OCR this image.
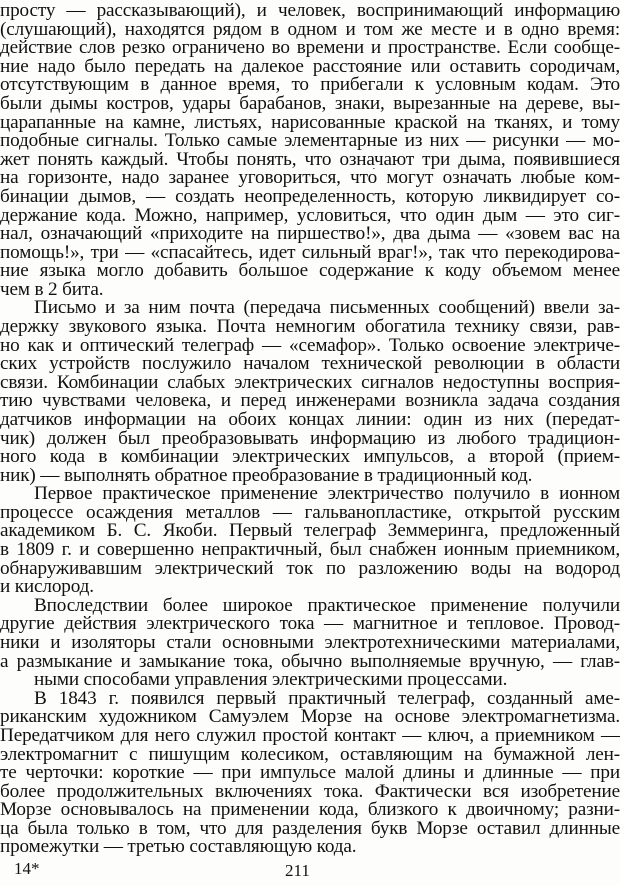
просту — рассказывающий), и человек, воспринимающий информацию
(слушающий), находятся рядом в одном и том же месте и в одно время:
действие слов резко ограничено во времени и пространстве. Если сообще-
ние надо было передать на далекое расстояние или оставить сородичам,
отсутствующим в данное время, то прибегали к условным кодам. Это
были дымы костров, удары барабанов, знаки, вырезанные на дереве, вы-
царапанные на камне, листьях, нарисованные краской на тканях, и тому
подобные сигналы. Только самые элементарные из них — рисунки — мо-
жет понять каждый. Чтобы понять, что означают три дыма, появившиеся
на горизонте, надо заранее уговориться, что́ могут означать любые ком-
бинации дымов, — создать неопределенность, которую ликвидирует со-
держание кода. Можно, например, условиться, что один дым — это сиг-
нал, означающий «приходите на пиршество!», два дыма — «зовем вас на
помощь!», три — «спасайтесь, идет сильный враг!», так что перекодирова-
ние языка могло добавить большое содержание к коду объемом менее
чем в 2 бита.
Письмо и за ним почта (передача письменных сообщений) ввели за-
держку звукового языка. Почта немногим обогатила технику связи, рав-
но как и оптический телеграф — «семафор». Только освоение электриче-
ских устройств послужило началом технической революции в области
связи. Комбинации слабых электрических сигналов недоступны восприя-
тию чувствами человека, и перед инженерами возникла задача создания
датчиков информации на обоих концах линии: один из них (передат-
чик) должен был преобразовывать информацию из любого традицион-
ного кода в комбинации электрических импульсов, а второй (прием-
ник) — выполнять обратное преобразование в традиционный код.
Первое практическое применение электричество получило в ионном
процессе осаждения металлов — гальванопластике, открытой русским
академиком Б. С. Якоби. Первый телеграф Земмеринга, предложенный
в 1809 г. и совершенно непрактичный, был снабжен ионным приемником,
обнаруживавшим электрический ток по разложению воды на водород
и кислород.
Впоследствии более широкое практическое применение получили
другие действия электрического тока — магнитное и тепловое. Провод-
ники и изоляторы стали основными электротехническими материалами,
а размыкание и замыкание тока, обычно выполняемые вручную, — глав-
ными способами управления электрическими процессами.
В 1843 г. появился первый практичный телеграф, созданный аме-
риканским художником Самуэлем Морзе на основе электромагнетизма.
Передатчиком для него служил простой контакт — ключ, а приемником —
электромагнит с пишущим колесиком, оставляющим на бумажной лен-
те черточки: короткие — при импульсе малой длины и длинные — при
более продолжительных включениях тока. Фактически вся изобретение
Морзе основывалось на применении кода, близкого к двоичному; разни-
ца была только в том, что для разделения букв Морзе оставил длинные
промежутки — третью составляющую кода.
14*	211
